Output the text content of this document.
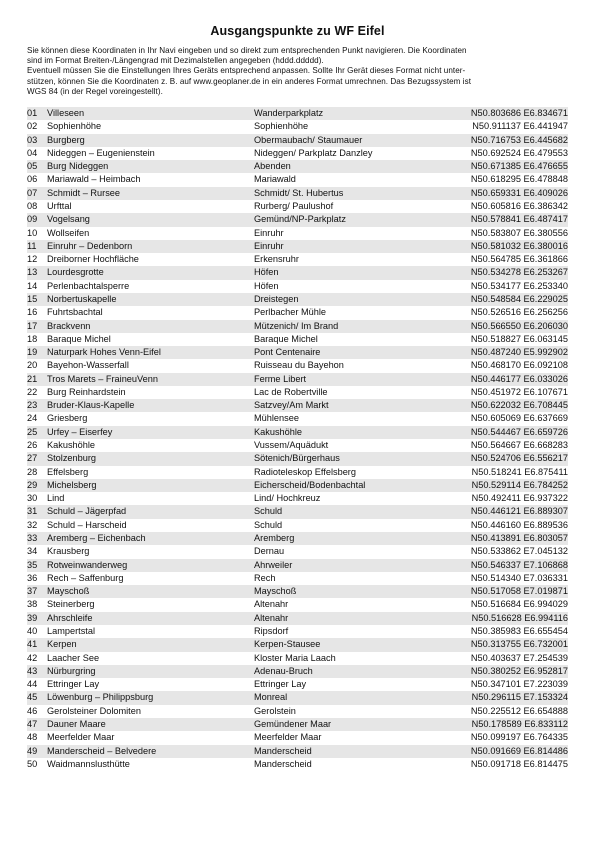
Ausgangspunkte zu WF Eifel

Sie können diese Koordinaten in Ihr Navi eingeben und so direkt zum entsprechenden Punkt navigieren. Die Koordinaten

sind im Format Breiten-/Längengrad mit Dezimalstellen angegeben (hddd.ddddd).

Eventuell müssen Sie die Einstellungen Ihres Geräts entsprechend anpassen. Sollte Ihr Gerät dieses Format nicht unter-

stützen, können Sie die Koordinaten z. B. auf www.geoplaner.de in ein anderes Format umrechnen. Das Bezugssystem ist

WGS 84 (in der Regel voreingestellt).

01	Villeseen	Wanderparkplatz	N50.803686 E6.834671
02	Sophienhöhe	Sophienhöhe	N50.911137 E6.441947
03	Burgberg	Obermaubach/ Staumauer	N50.716753 E6.445682
04	Nideggen – Eugenienstein	Nideggen/ Parkplatz Danzley	N50.692524 E6.479553
05	Burg Nideggen	Abenden	N50.671385 E6.476655
06	Mariawald – Heimbach	Mariawald	N50.618295 E6.478848
07	Schmidt – Rursee	Schmidt/ St. Hubertus	N50.659331 E6.409026
08	Urfttal	Rurberg/ Paulushof	N50.605816 E6.386342
09	Vogelsang	Gemünd/NP-Parkplatz	N50.578841 E6.487417
10	Wollseifen	Einruhr	N50.583807 E6.380556
11	Einruhr – Dedenborn	Einruhr	N50.581032 E6.380016
12	Dreiborner Hochfläche	Erkensruhr	N50.564785 E6.361866
13	Lourdesgrotte	Höfen	N50.534278 E6.253267
14	Perlenbachtalsperre	Höfen	N50.534177 E6.253340
15	Norbertuskapelle	Dreistegen	N50.548584 E6.229025
16	Fuhrtsbachtal	Perlbacher Mühle	N50.526516 E6.256256
17	Brackvenn	Mützenich/ Im Brand	N50.566550 E6.206030
18	Baraque Michel	Baraque Michel	N50.518827 E6.063145
19	Naturpark Hohes Venn-Eifel	Pont Centenaire	N50.487240 E5.992902
20	Bayehon-Wasserfall	Ruisseau du Bayehon	N50.468170 E6.092108
21	Tros Marets – FraineuVenn	Ferme Libert	N50.446177 E6.033026
22	Burg Reinhardstein	Lac de Robertville	N50.451972 E6.107671
23	Bruder-Klaus-Kapelle	Satzvey/Am Markt	N50.622032 E6.708445
24	Griesberg	Mühlensee	N50.605069 E6.637669
25	Urfey – Eiserfey	Kakushöhle	N50.544467 E6.659726
26	Kakushöhle	Vussem/Aquädukt	N50.564667 E6.668283
27	Stolzenburg	Sötenich/Bürgerhaus	N50.524706 E6.556217
28	Effelsberg	Radioteleskop Effelsberg	N50.518241 E6.875411
29	Michelsberg	Eicherscheid/Bodenbachtal	N50.529114 E6.784252
30	Lind	Lind/ Hochkreuz	N50.492411 E6.937322
31	Schuld – Jägerpfad	Schuld	N50.446121 E6.889307
32	Schuld – Harscheid	Schuld	N50.446160 E6.889536
33	Aremberg – Eichenbach	Aremberg	N50.413891 E6.803057
34	Krausberg	Dernau	N50.533862 E7.045132
35	Rotweinwanderweg	Ahrweiler	N50.546337 E7.106868
36	Rech – Saffenburg	Rech	N50.514340 E7.036331
37	Mayschoß	Mayschoß	N50.517058 E7.019871
38	Steinerberg	Altenahr	N50.516684 E6.994029
39	Ahrschleife	Altenahr	N50.516628 E6.994116
40	Lampertstal	Ripsdorf	N50.385983 E6.655454
41	Kerpen	Kerpen-Stausee	N50.313755 E6.732001
42	Laacher See	Kloster Maria Laach	N50.403637 E7.254539
43	Nürburgring	Adenau-Bruch	N50.380252 E6.952817
44	Ettringer Lay	Ettringer Lay	N50.347101 E7.223039
45	Löwenburg – Philippsburg	Monreal	N50.296115 E7.153324
46	Gerolsteiner Dolomiten	Gerolstein	N50.225512 E6.654888
47	Dauner Maare	Gemündener Maar	N50.178589 E6.833112
48	Meerfelder Maar	Meerfelder Maar	N50.099197 E6.764335
49	Manderscheid – Belvedere	Manderscheid	N50.091669 E6.814486
50	Waidmannslusthütte	Manderscheid	N50.091718 E6.814475
